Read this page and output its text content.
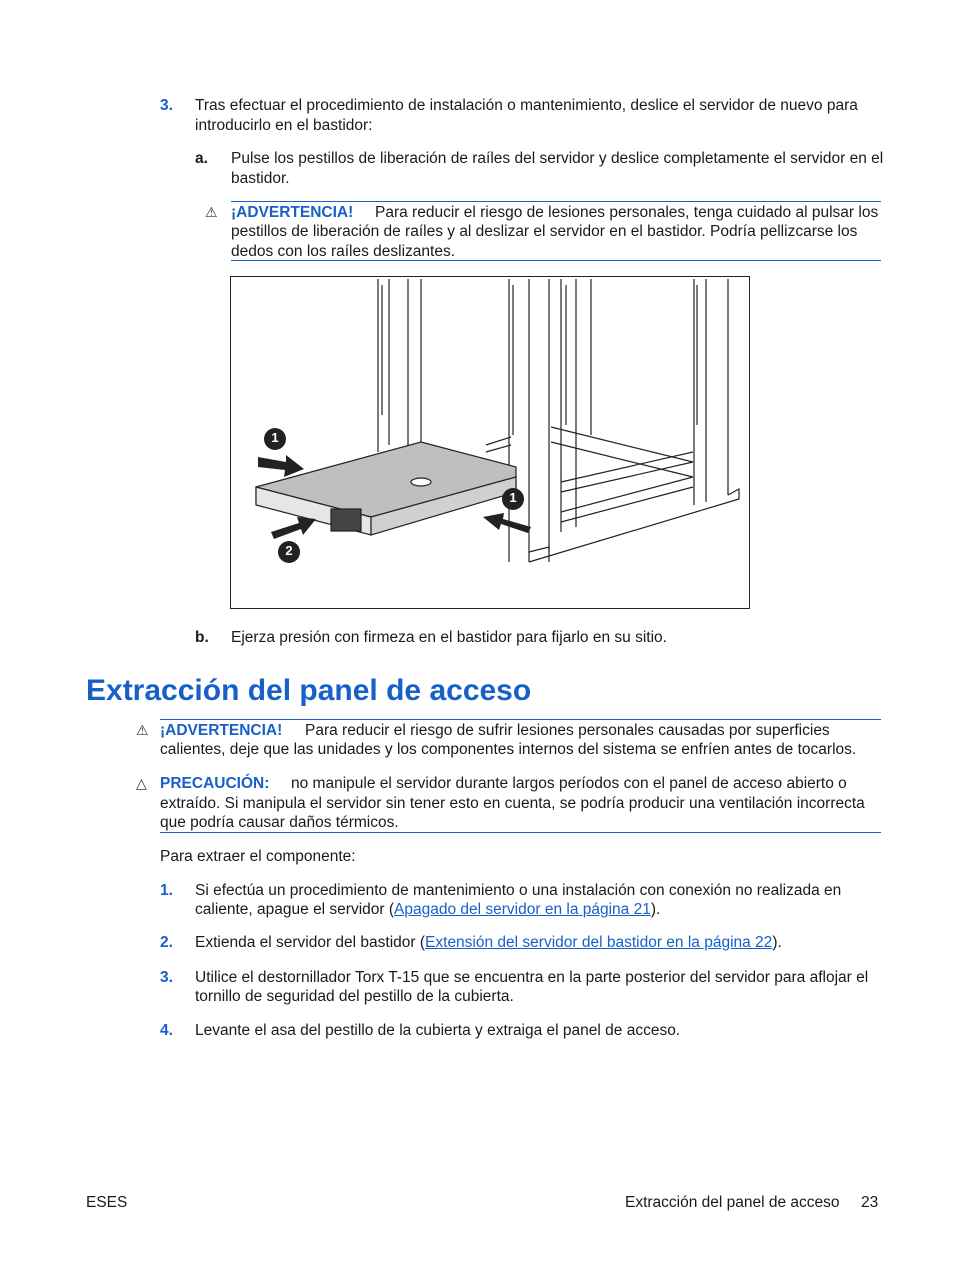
3. Tras efectuar el procedimiento de instalación o mantenimiento, deslice el servidor de nuevo para
introducirlo en el bastidor:
a. Pulse los pestillos de liberación de raíles del servidor y deslice completamente el servidor en el
bastidor.
⚠ ¡ADVERTENCIA! Para reducir el riesgo de lesiones personales, tenga cuidado al pulsar los
pestillos de liberación de raíles y al deslizar el servidor en el bastidor. Podría pellizcarse los
dedos con los raíles deslizantes.
1
2
1
b. Ejerza presión con firmeza en el bastidor para fijarlo en su sitio.
Extracción del panel de acceso
⚠ ¡ADVERTENCIA! Para reducir el riesgo de sufrir lesiones personales causadas por superficies
calientes, deje que las unidades y los componentes internos del sistema se enfríen antes de tocarlos.
△ PRECAUCIÓN: no manipule el servidor durante largos períodos con el panel de acceso abierto o
extraído. Si manipula el servidor sin tener esto en cuenta, se podría producir una ventilación incorrecta
que podría causar daños térmicos.
Para extraer el componente:
1. Si efectúa un procedimiento de mantenimiento o una instalación con conexión no realizada en
caliente, apague el servidor (Apagado del servidor en la página 21).
2. Extienda el servidor del bastidor (Extensión del servidor del bastidor en la página 22).
3. Utilice el destornillador Torx T-15 que se encuentra en la parte posterior del servidor para aflojar el
tornillo de seguridad del pestillo de la cubierta.
4. Levante el asa del pestillo de la cubierta y extraiga el panel de acceso.
ESES	Extracción del panel de acceso 23
